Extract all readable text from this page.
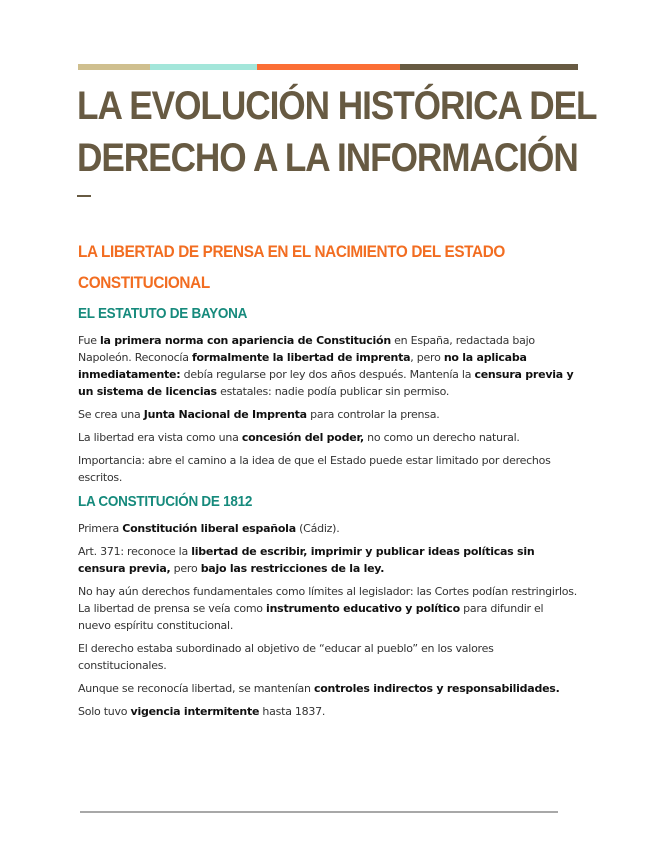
LA EVOLUCIÓN HISTÓRICA DEL
DERECHO A LA INFORMACIÓN
LA LIBERTAD DE PRENSA EN EL NACIMIENTO DEL ESTADO
CONSTITUCIONAL
EL ESTATUTO DE BAYONA

Fue la primera norma con apariencia de Constitución en España, redactada bajo Napoleón. Reconocía formalmente la libertad de imprenta, pero no la aplicaba inmediatamente: debía regularse por ley dos años después. Mantenía la censura previa y un sistema de licencias estatales: nadie podía publicar sin permiso.

Se crea una Junta Nacional de Imprenta para controlar la prensa.

La libertad era vista como una concesión del poder, no como un derecho natural.

Importancia: abre el camino a la idea de que el Estado puede estar limitado por derechos escritos.

LA CONSTITUCIÓN DE 1812

Primera Constitución liberal española (Cádiz).

Art. 371: reconoce la libertad de escribir, imprimir y publicar ideas políticas sin censura previa, pero bajo las restricciones de la ley.

No hay aún derechos fundamentales como límites al legislador: las Cortes podían restringirlos. La libertad de prensa se veía como instrumento educativo y político para difundir el nuevo espíritu constitucional.

El derecho estaba subordinado al objetivo de “educar al pueblo” en los valores constitucionales.

Aunque se reconocía libertad, se mantenían controles indirectos y responsabilidades.

Solo tuvo vigencia intermitente hasta 1837.
